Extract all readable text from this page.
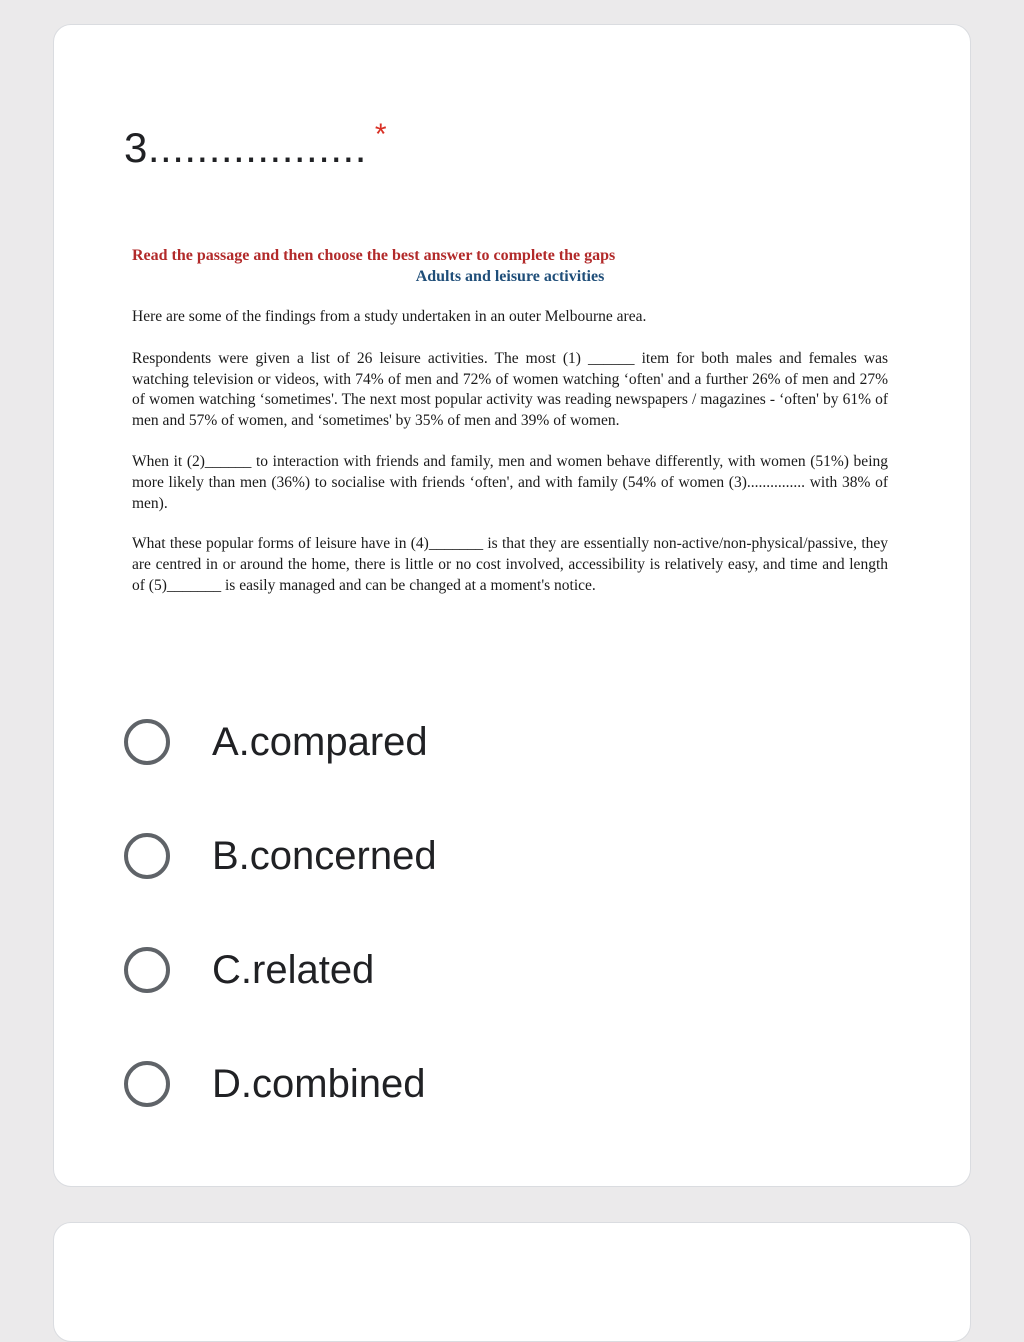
3.................. *
Read the passage and then choose the best answer to complete the gaps
Adults and leisure activities

Here are some of the findings from a study undertaken in an outer Melbourne area.

Respondents were given a list of 26 leisure activities. The most (1) ______ item for both males and females was watching television or videos, with 74% of men and 72% of women watching ‘often' and a further 26% of men and 27% of women watching ‘sometimes'. The next most popular activity was reading newspapers / magazines - ‘often' by 61% of men and 57% of women, and ‘sometimes' by 35% of men and 39% of women.

When it (2)______ to interaction with friends and family, men and women behave differently, with women (51%) being more likely than men (36%) to socialise with friends ‘often', and with family (54% of women (3)............... with 38% of men).

What these popular forms of leisure have in (4)_______ is that they are essentially non-active/non-physical/passive, they are centred in or around the home, there is little or no cost involved, accessibility is relatively easy, and time and length of (5)_______ is easily managed and can be changed at a moment's notice.

A.compared
B.concerned
C.related
D.combined
